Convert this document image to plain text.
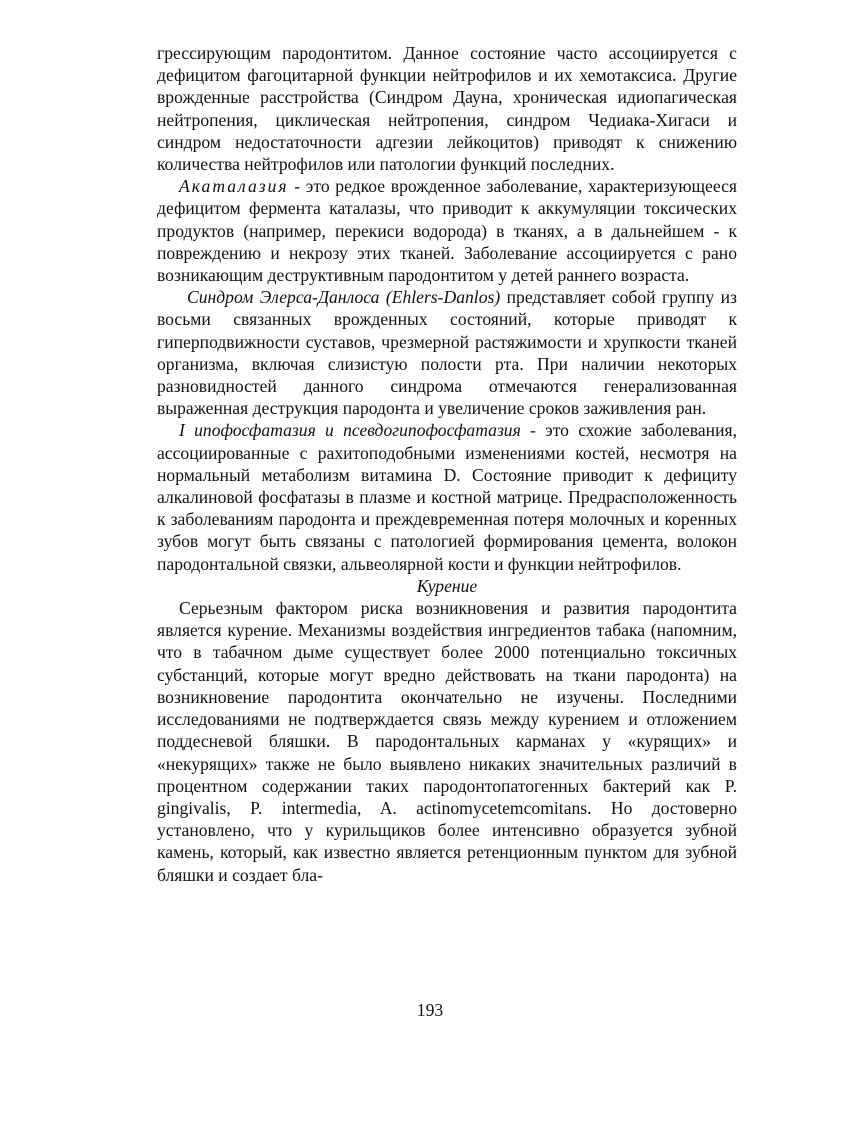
грессирующим пародонтитом. Данное состояние часто ассоциируется с дефицитом фагоцитарной функции нейтрофилов и их хемотаксиса. Другие врожденные расстройства (Синдром Дауна, хроническая идиопагическая нейтропения, циклическая нейтропения, синдром Чедиака-Хигаси и синдром недостаточности адгезии лейкоцитов) приводят к снижению количества нейтрофилов или патологии функций последних.

Акаталазия - это редкое врожденное заболевание, характеризующееся дефицитом фермента каталазы, что приводит к аккумуляции токсических продуктов (например, перекиси водорода) в тканях, а в дальнейшем - к повреждению и некрозу этих тканей. Заболевание ассоциируется с рано возникающим деструктивным пародонтитом у детей раннего возраста.

Синдром Элерса-Данлоса (Ehlers-Danlos) представляет собой группу из восьми связанных врожденных состояний, которые приводят к гиперподвижности суставов, чрезмерной растяжимости и хрупкости тканей организма, включая слизистую полости рта. При наличии некоторых разновидностей данного синдрома отмечаются генерализованная выраженная деструкция пародонта и увеличение сроков заживления ран.

I ипофосфатазия и псевдогипофосфатазия - это схожие заболевания, ассоциированные с рахитоподобными изменениями костей, несмотря на нормальный метаболизм витамина D. Состояние приводит к дефициту алкалиновой фосфатазы в плазме и костной матрице. Предрасположенность к заболеваниям пародонта и преждевременная потеря молочных и коренных зубов могут быть связаны с патологией формирования цемента, волокон пародонтальной связки, альвеолярной кости и функции нейтрофилов.

Курение

Серьезным фактором риска возникновения и развития пародонтита является курение. Механизмы воздействия ингредиентов табака (напомним, что в табачном дыме существует более 2000 потенциально токсичных субстанций, которые могут вредно действовать на ткани пародонта) на возникновение пародонтита окончательно не изучены. Последними исследованиями не подтверждается связь между курением и отложением поддесневой бляшки. В пародонтальных карманах у «курящих» и «некурящих» также не было выявлено никаких значительных различий в процентном содержании таких пародонтопатогенных бактерий как P. gingivalis, P. intermedia, A. actinomycetemcomitans. Но достоверно установлено, что у курильщиков более интенсивно образуется зубной камень, который, как известно является ретенционным пунктом для зубной бляшки и создает бла-

193
